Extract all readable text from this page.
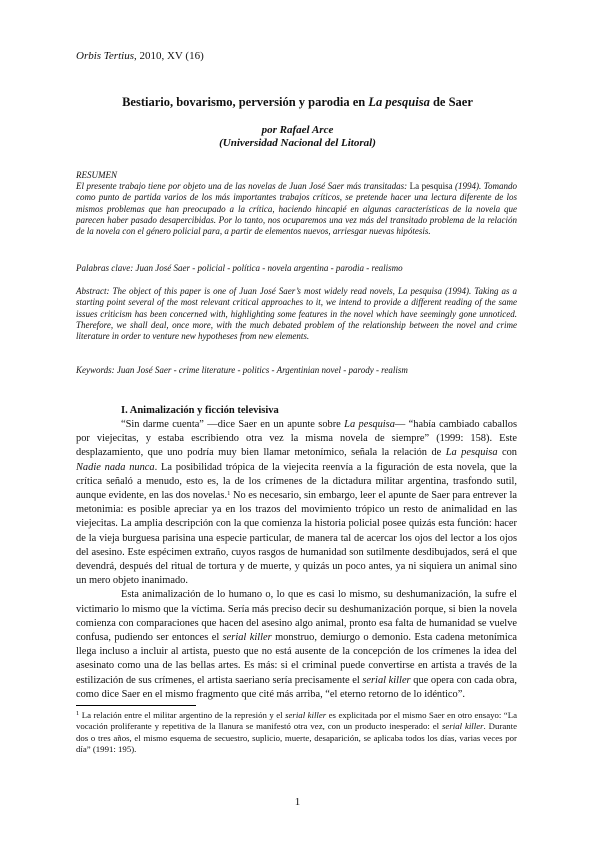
Orbis Tertius, 2010, XV (16)
Bestiario, bovarismo, perversión y parodia en La pesquisa de Saer
por Rafael Arce
(Universidad Nacional del Litoral)
RESUMEN
El presente trabajo tiene por objeto una de las novelas de Juan José Saer más transitadas: La pesquisa (1994). Tomando como punto de partida varios de los más importantes trabajos críticos, se pretende hacer una lectura diferente de los mismos problemas que han preocupado a la crítica, haciendo hincapié en algunas características de la novela que parecen haber pasado desapercibidas. Por lo tanto, nos ocuparemos una vez más del transitado problema de la relación de la novela con el género policial para, a partir de elementos nuevos, arriesgar nuevas hipótesis.
Palabras clave: Juan José Saer - policial - política - novela argentina - parodia - realismo
Abstract: The object of this paper is one of Juan José Saer’s most widely read novels, La pesquisa (1994). Taking as a starting point several of the most relevant critical approaches to it, we intend to provide a different reading of the same issues criticism has been concerned with, highlighting some features in the novel which have seemingly gone unnoticed. Therefore, we shall deal, once more, with the much debated problem of the relationship between the novel and crime literature in order to venture new hypotheses from new elements.
Keywords: Juan José Saer - crime literature - politics - Argentinian novel - parody - realism
I. Animalización y ficción televisiva

“Sin darme cuenta” —dice Saer en un apunte sobre La pesquisa— “había cambiado caballos por viejecitas, y estaba escribiendo otra vez la misma novela de siempre” (1999: 158). Este desplazamiento, que uno podría muy bien llamar metonímico, señala la relación de La pesquisa con Nadie nada nunca. La posibilidad trópica de la viejecita reenvía a la figuración de esta novela, que la crítica señaló a menudo, esto es, la de los crímenes de la dictadura militar argentina, trasfondo sutil, aunque evidente, en las dos novelas.$^1$ No es necesario, sin embargo, leer el apunte de Saer para entrever la metonimia: es posible apreciar ya en los trazos del movimiento trópico un resto de animalidad en las viejecitas. La amplia descripción con la que comienza la historia policial posee quizás esta función: hacer de la vieja burguesa parisina una especie particular, de manera tal de acercar los ojos del lector a los ojos del asesino. Este espécimen extraño, cuyos rasgos de humanidad son sutilmente desdibujados, será el que devendrá, después del ritual de tortura y de muerte, y quizás un poco antes, ya ni siquiera un animal sino un mero objeto inanimado.

Esta animalización de lo humano o, lo que es casi lo mismo, su deshumanización, la sufre el victimario lo mismo que la víctima. Sería más preciso decir su deshumanización porque, si bien la novela comienza con comparaciones que hacen del asesino algo animal, pronto esa falta de humanidad se vuelve confusa, pudiendo ser entonces el serial killer monstruo, demiurgo o demonio. Esta cadena metonímica llega incluso a incluir al artista, puesto que no está ausente de la concepción de los crímenes la idea del asesinato como una de las bellas artes. Es más: si el criminal puede convertirse en artista a través de la estilización de sus crímenes, el artista saeriano sería precisamente el serial killer que opera con cada obra, como dice Saer en el mismo fragmento que cité más arriba, “el eterno retorno de lo idéntico”.

$^1$ La relación entre el militar argentino de la represión y el serial killer es explicitada por el mismo Saer en otro ensayo: “La vocación proliferante y repetitiva de la llanura se manifestó otra vez, con un producto inesperado: el serial killer. Durante dos o tres años, el mismo esquema de secuestro, suplicio, muerte, desaparición, se aplicaba todos los días, varias veces por día” (1991: 195).
1
